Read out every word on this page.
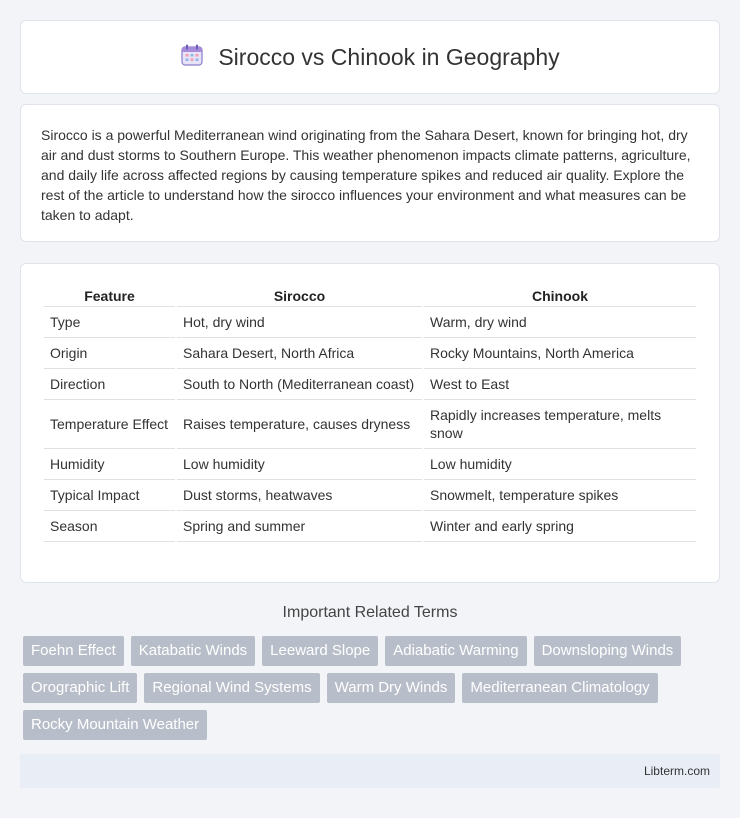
Sirocco vs Chinook in Geography

Sirocco is a powerful Mediterranean wind originating from the Sahara Desert, known for bringing hot, dry air and dust storms to Southern Europe. This weather phenomenon impacts climate patterns, agriculture, and daily life across affected regions by causing temperature spikes and reduced air quality. Explore the rest of the article to understand how the sirocco influences your environment and what measures can be taken to adapt.

Feature	Sirocco	Chinook
Type	Hot, dry wind	Warm, dry wind
Origin	Sahara Desert, North Africa	Rocky Mountains, North America
Direction	South to North (Mediterranean coast)	West to East
Temperature Effect	Raises temperature, causes dryness	Rapidly increases temperature, melts snow
Humidity	Low humidity	Low humidity
Typical Impact	Dust storms, heatwaves	Snowmelt, temperature spikes
Season	Spring and summer	Winter and early spring
Important Related Terms
Foehn Effect	Katabatic Winds	Leeward Slope	Adiabatic Warming	Downsloping Winds
Orographic Lift	Regional Wind Systems	Warm Dry Winds	Mediterranean Climatology
Rocky Mountain Weather
Libterm.com
